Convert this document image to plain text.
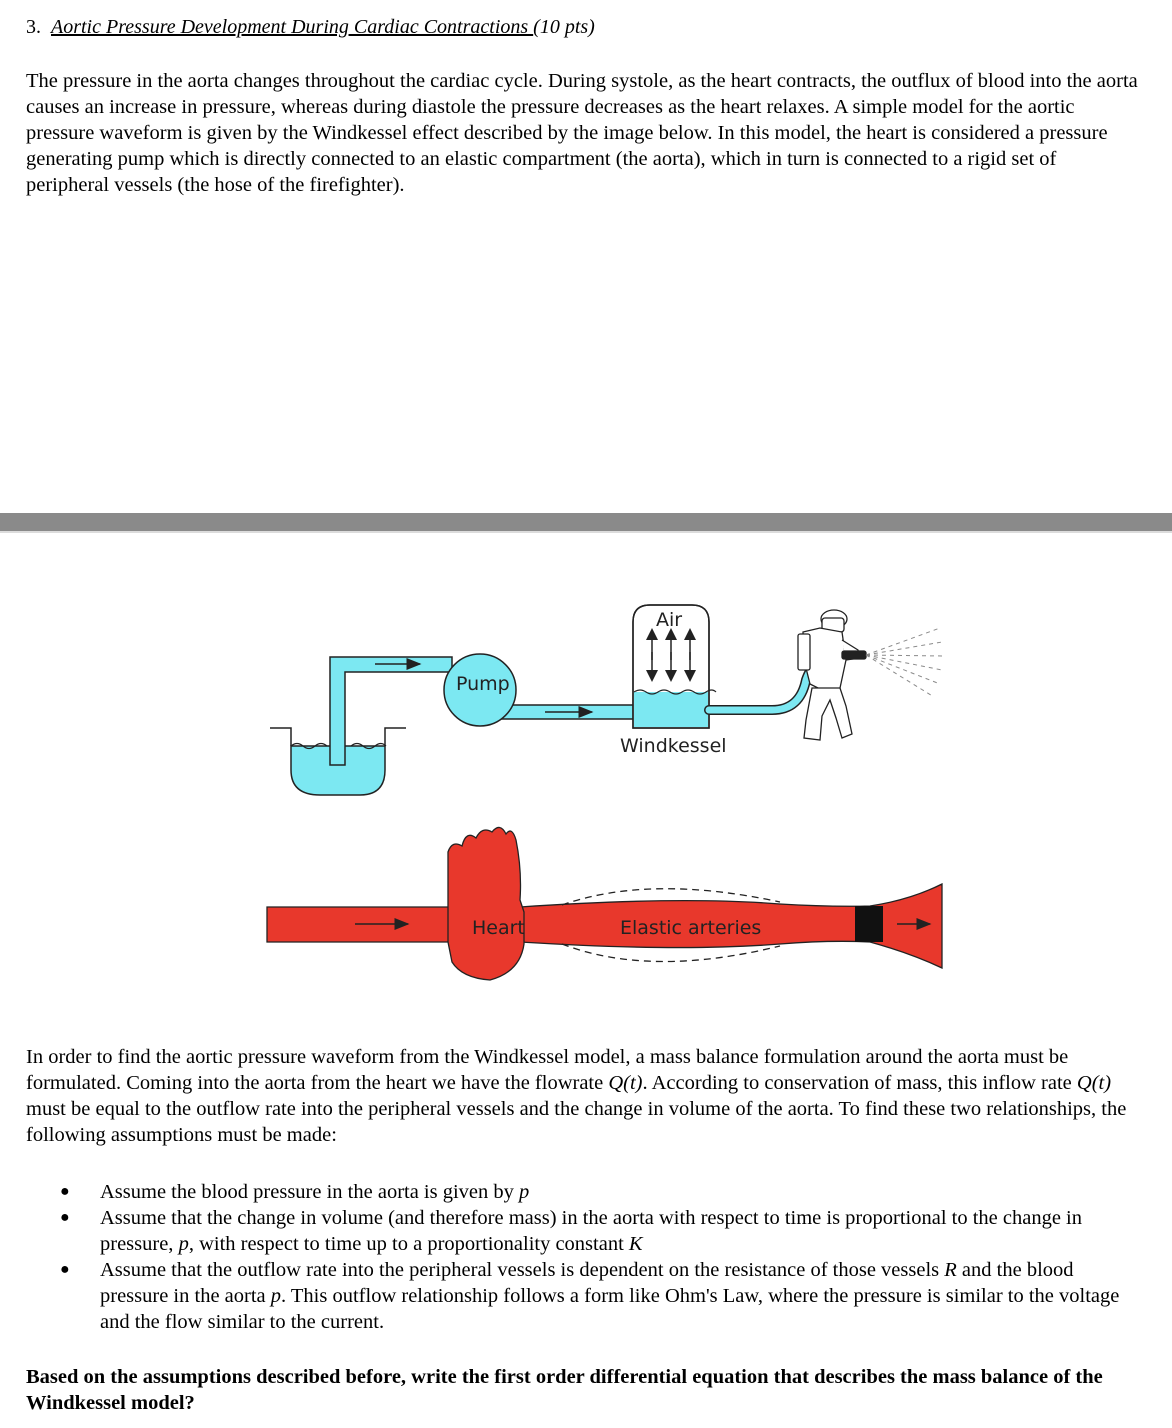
3. Aortic Pressure Development During Cardiac Contractions (10 pts)
The pressure in the aorta changes throughout the cardiac cycle. During systole, as the heart contracts, the outflux of blood into the aorta causes an increase in pressure, whereas during diastole the pressure decreases as the heart relaxes. A simple model for the aortic pressure waveform is given by the Windkessel effect described by the image below. In this model, the heart is considered a pressure generating pump which is directly connected to an elastic compartment (the aorta), which in turn is connected to a rigid set of peripheral vessels (the hose of the firefighter).
Pump
Air
Windkessel
Heart	Elastic arteries
In order to find the aortic pressure waveform from the Windkessel model, a mass balance formulation around the aorta must be formulated. Coming into the aorta from the heart we have the flowrate Q(t). According to conservation of mass, this inflow rate Q(t) must be equal to the outflow rate into the peripheral vessels and the change in volume of the aorta. To find these two relationships, the following assumptions must be made:
● Assume the blood pressure in the aorta is given by p
● Assume that the change in volume (and therefore mass) in the aorta with respect to time is proportional to the change in pressure, p, with respect to time up to a proportionality constant K
● Assume that the outflow rate into the peripheral vessels is dependent on the resistance of those vessels R and the blood pressure in the aorta p. This outflow relationship follows a form like Ohm's Law, where the pressure is similar to the voltage and the flow similar to the current.
Based on the assumptions described before, write the first order differential equation that describes the mass balance of the Windkessel model?
